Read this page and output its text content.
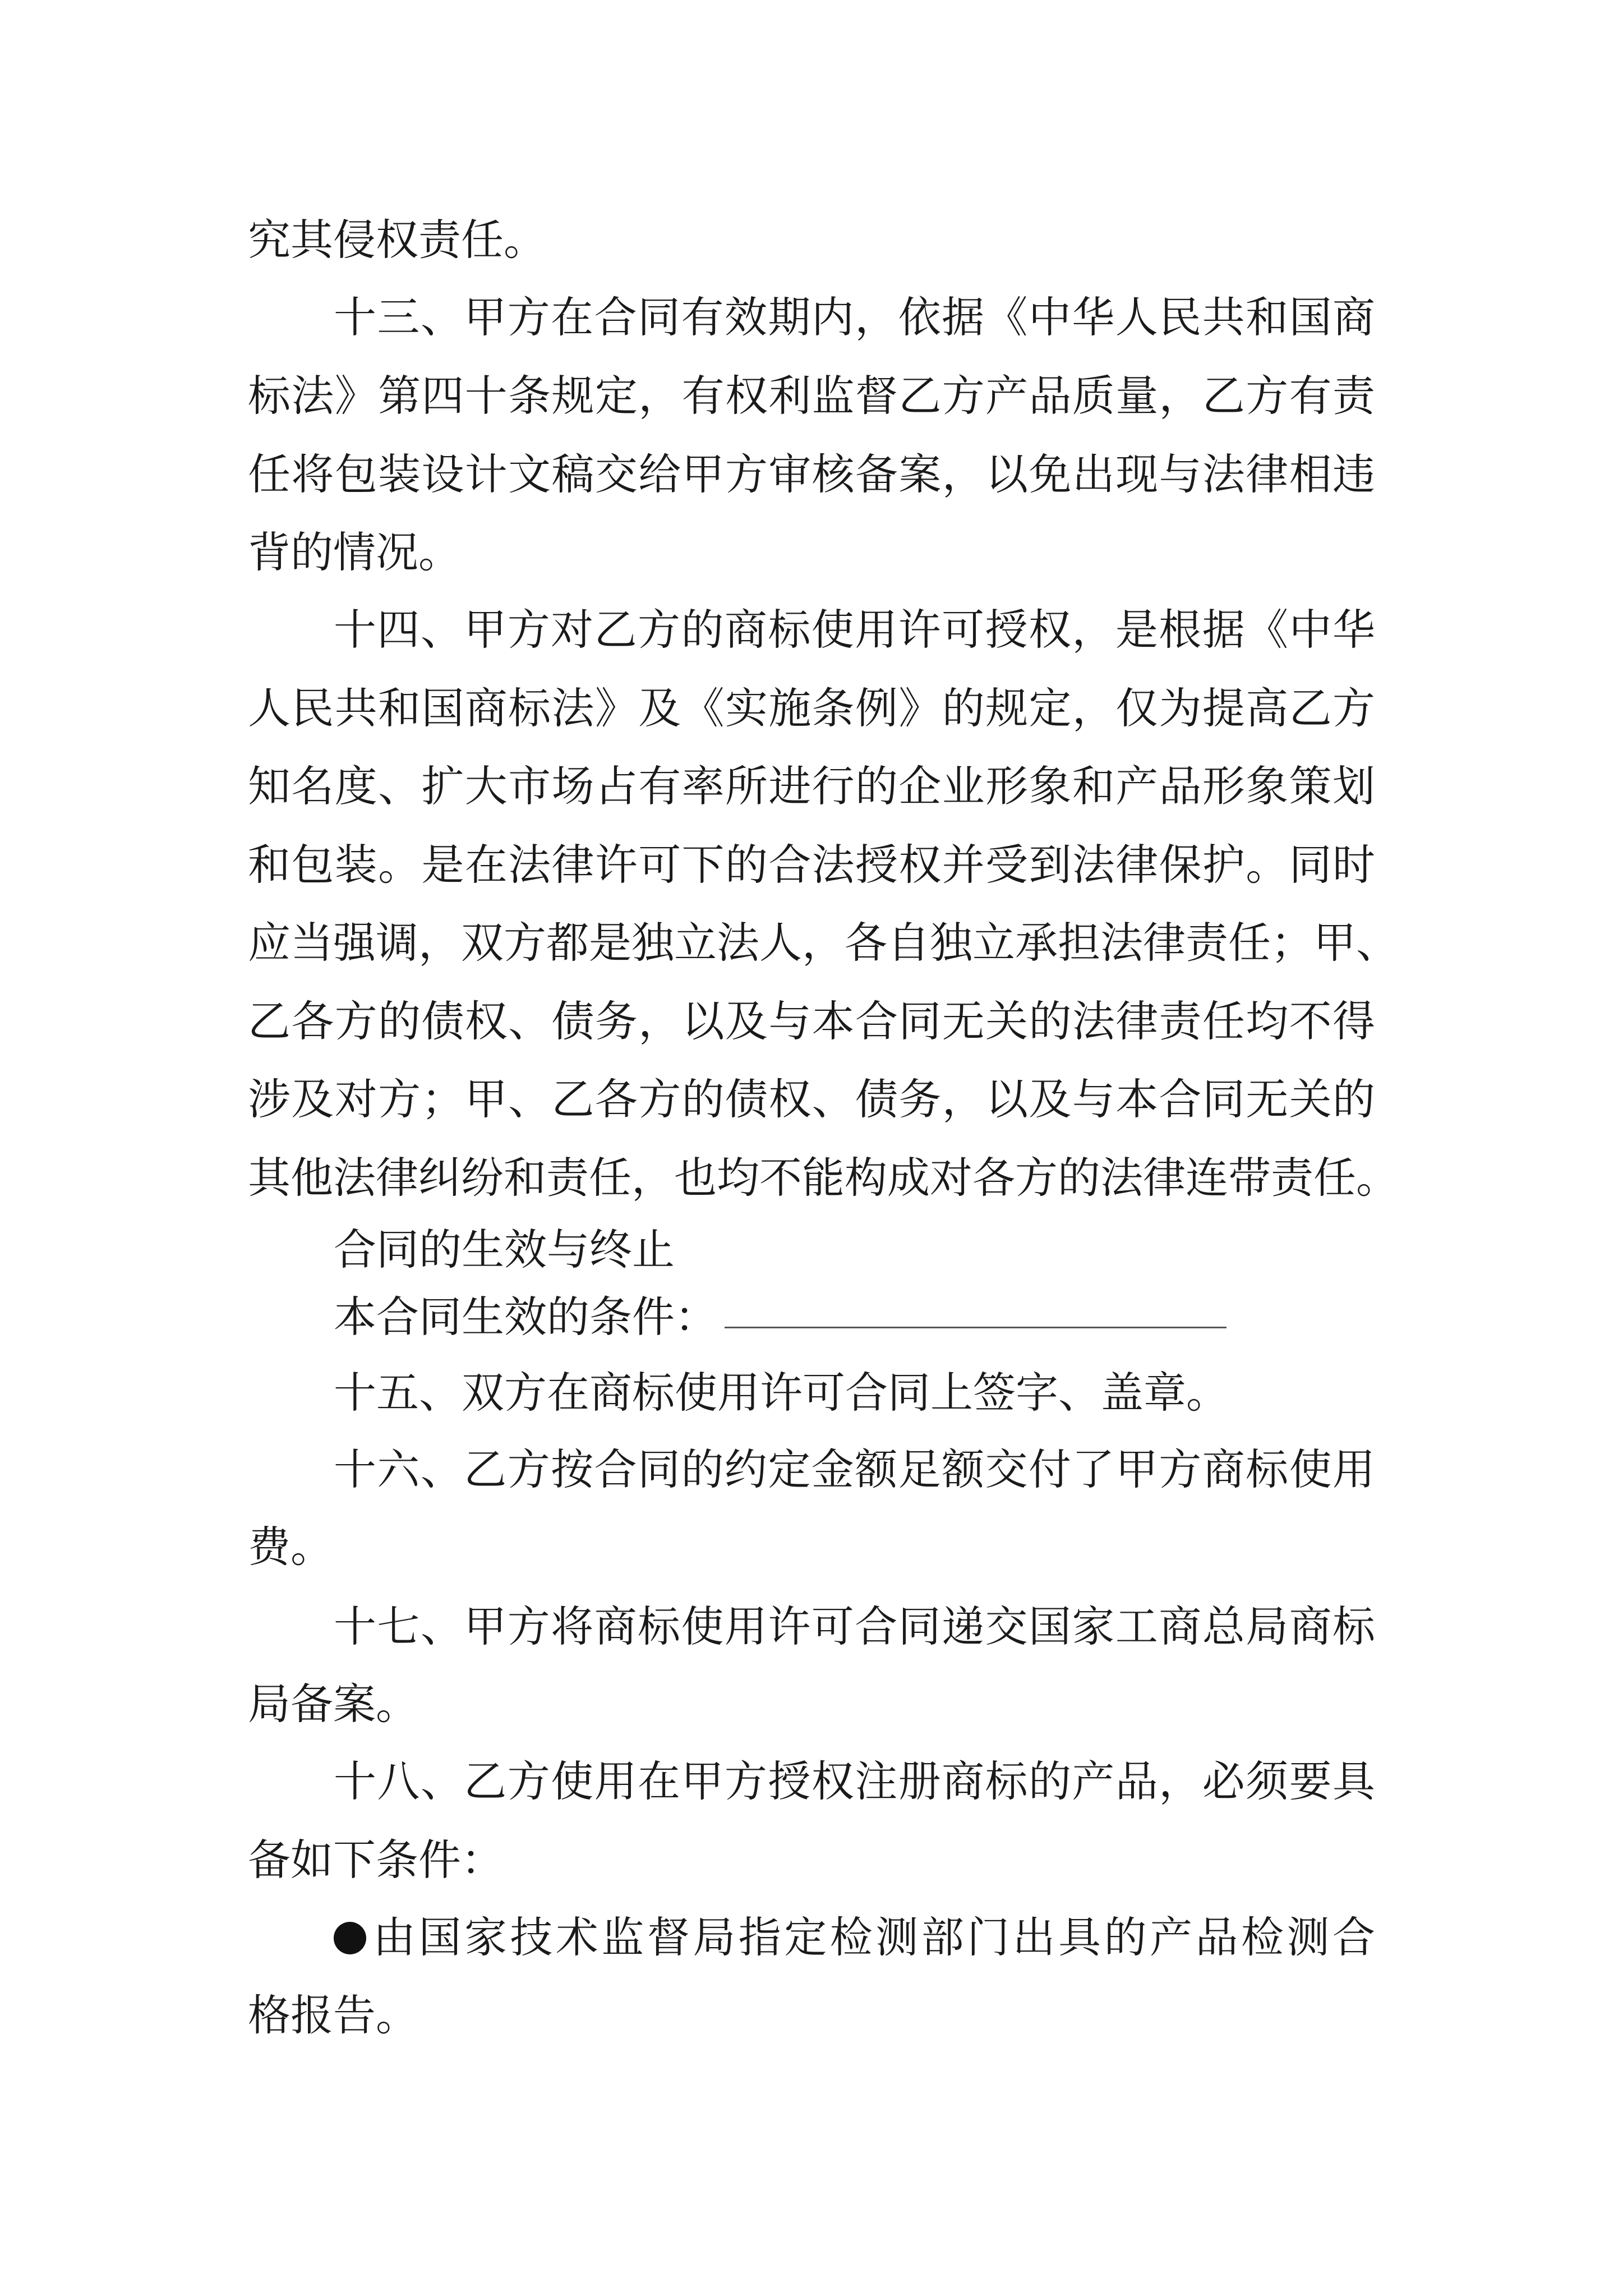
究其侵权责任。
十三、甲方在合同有效期内，依据《中华人民共和国商
标法》第四十条规定，有权利监督乙方产品质量，乙方有责
任将包装设计文稿交给甲方审核备案，以免出现与法律相违
背的情况。
十四、甲方对乙方的商标使用许可授权，是根据《中华
人民共和国商标法》及《实施条例》的规定，仅为提高乙方
知名度、扩大市场占有率所进行的企业形象和产品形象策划
和包装。是在法律许可下的合法授权并受到法律保护。同时
应当强调，双方都是独立法人，各自独立承担法律责任；甲、
乙各方的债权、债务，以及与本合同无关的法律责任均不得
涉及对方；甲、乙各方的债权、债务，以及与本合同无关的
其他法律纠纷和责任，也均不能构成对各方的法律连带责任。
合同的生效与终止
本合同生效的条件：
十五、双方在商标使用许可合同上签字、盖章。
十六、乙方按合同的约定金额足额交付了甲方商标使用
费。
十七、甲方将商标使用许可合同递交国家工商总局商标
局备案。
十八、乙方使用在甲方授权注册商标的产品，必须要具
备如下条件：
由国家技术监督局指定检测部门出具的产品检测合
格报告。
